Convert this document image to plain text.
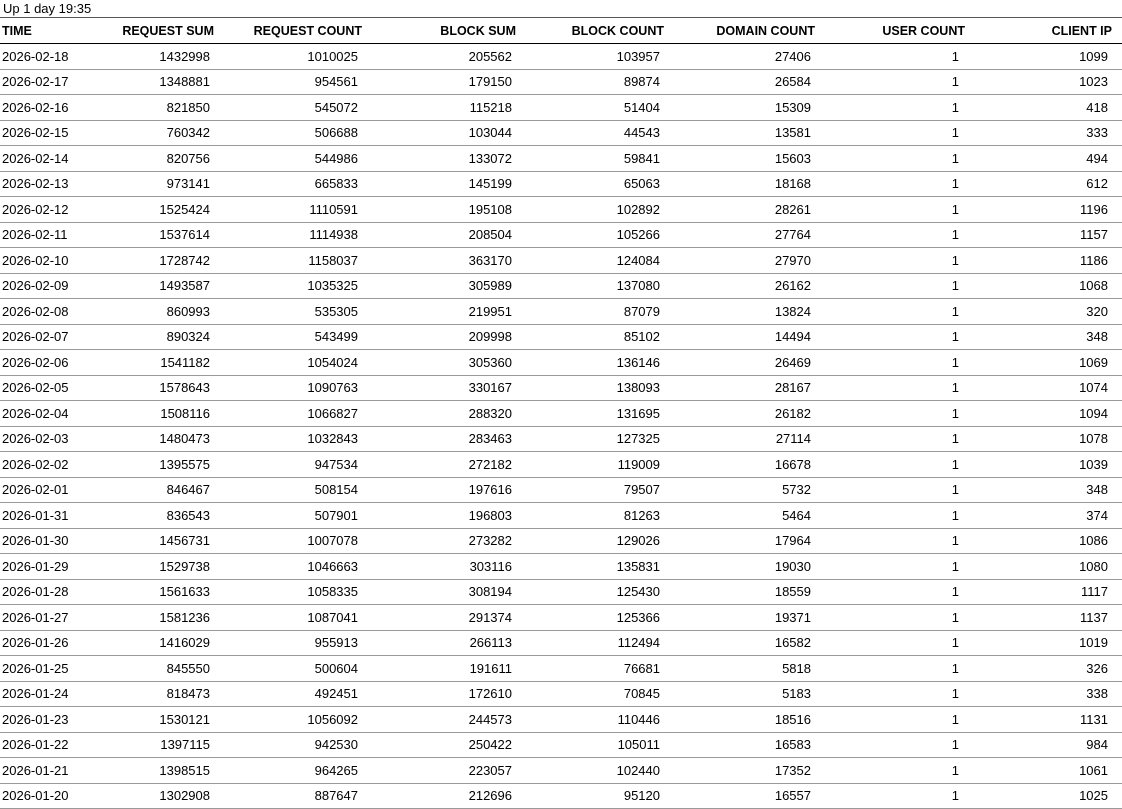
Up 1 day 19:35
TIME	REQUEST SUM	REQUEST COUNT	BLOCK SUM	BLOCK COUNT	DOMAIN COUNT	USER COUNT	CLIENT IP
2026-02-18	1432998	1010025	205562	103957	27406	1	1099
2026-02-17	1348881	954561	179150	89874	26584	1	1023
2026-02-16	821850	545072	115218	51404	15309	1	418
2026-02-15	760342	506688	103044	44543	13581	1	333
2026-02-14	820756	544986	133072	59841	15603	1	494
2026-02-13	973141	665833	145199	65063	18168	1	612
2026-02-12	1525424	1110591	195108	102892	28261	1	1196
2026-02-11	1537614	1114938	208504	105266	27764	1	1157
2026-02-10	1728742	1158037	363170	124084	27970	1	1186
2026-02-09	1493587	1035325	305989	137080	26162	1	1068
2026-02-08	860993	535305	219951	87079	13824	1	320
2026-02-07	890324	543499	209998	85102	14494	1	348
2026-02-06	1541182	1054024	305360	136146	26469	1	1069
2026-02-05	1578643	1090763	330167	138093	28167	1	1074
2026-02-04	1508116	1066827	288320	131695	26182	1	1094
2026-02-03	1480473	1032843	283463	127325	27114	1	1078
2026-02-02	1395575	947534	272182	119009	16678	1	1039
2026-02-01	846467	508154	197616	79507	5732	1	348
2026-01-31	836543	507901	196803	81263	5464	1	374
2026-01-30	1456731	1007078	273282	129026	17964	1	1086
2026-01-29	1529738	1046663	303116	135831	19030	1	1080
2026-01-28	1561633	1058335	308194	125430	18559	1	1117
2026-01-27	1581236	1087041	291374	125366	19371	1	1137
2026-01-26	1416029	955913	266113	112494	16582	1	1019
2026-01-25	845550	500604	191611	76681	5818	1	326
2026-01-24	818473	492451	172610	70845	5183	1	338
2026-01-23	1530121	1056092	244573	110446	18516	1	1131
2026-01-22	1397115	942530	250422	105011	16583	1	984
2026-01-21	1398515	964265	223057	102440	17352	1	1061
2026-01-20	1302908	887647	212696	95120	16557	1	1025
